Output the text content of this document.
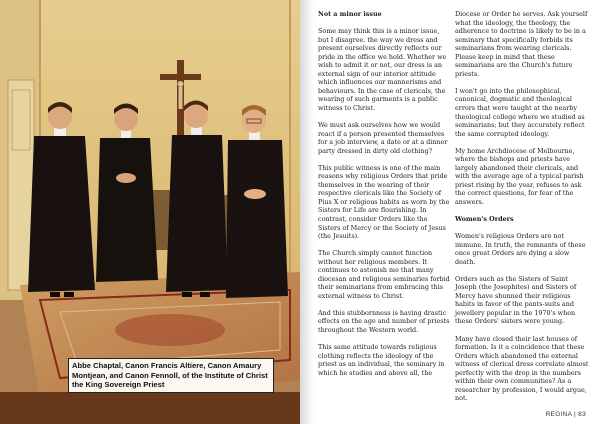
Abbe Chaptal, Canon Francis Altiere, Canon Amaury Montjean, and Canon Fennoll, of the Institute of Christ the King Sovereign Priest

Not a minor issue

Some may think this is a minor issue, but I disagree. the way we dress and present ourselves directly reflects our pride in the office we hold. Whether we wish to admit it or not, our dress is an external sign of our interior attitude which influences our mannerisms and behaviours. In the case of clericals, the wearing of such garments is a public witness to Christ.

We must ask ourselves how we would react if a person presented themselves for a job interview, a date or at a dinner party dressed in dirty old clothing?

This public witness is one of the main reasons why religious Orders that pride themselves in the wearing of their respective clericals like the Society of Pius X or religious habits as worn by the Sisters for Life are flourishing. In contrast, consider Orders like the Sisters of Mercy or the Society of Jesus (the Jesuits).

The Church simply cannot function without her religious members. It continues to astonish me that many diocesan and religious seminaries forbid their seminarians from embracing this external witness to Christ.

And this stubbornness is having drastic effects on the age and number of priests throughout the Western world.

This same attitude towards religious clothing reflects the ideology of the priest as an individual, the seminary in which he studies and above all, the

Diocese or Order he serves. Ask yourself what the ideology, the theology, the adherence to doctrine is likely to be in a seminary that specifically forbids its seminarians from wearing clericals. Please keep in mind that these seminarians are the Church's future priests.

I won't go into the philosophical, canonical, dogmatic and theological errors that were taught at the nearby theological college where we studied as seminarians; but they accurately reflect the same corrupted ideology.

My home Archdiocese of Melbourne, where the bishops and priests have largely abandoned their clericals, and with the average age of a typical parish priest rising by the year, refuses to ask the correct questions, for fear of the answers.

Women's Orders

Women's religious Orders are not immune. In truth, the remnants of these once great Orders are dying a slow death.

Orders such as the Sisters of Saint Joseph (the Josephites) and Sisters of Mercy have shunned their religious habits in favor of the pants-suits and jewellery popular in the 1970's when these Orders' sisters were young.

Many have closed their last houses of formation. Is it a coincidence that these Orders which abandoned the external witness of clerical dress correlate almost perfectly with the drop in the numbers within their own communities? As a researcher by profession, I would argue, not.

REGINA | 83
